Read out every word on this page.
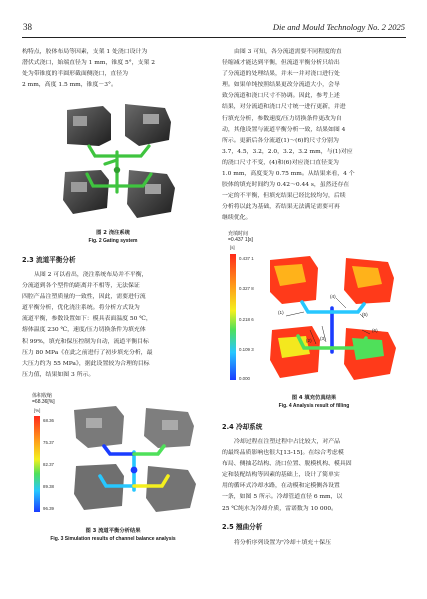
38	Die and Mould Technology No. 2 2025

构特点，胶体布局等因素，支架 1 处浇口设计为

潜伏式浇口，始端直径为 1 mm，锥度 5°，支架 2

处为带锥度的半圆形截面侧浇口，直径为

2 mm，高度 1.5 mm，锥度－3°。

图 2 浇注系统
Fig. 2 Gating system
2.3 流道平衡分析

从图 2 可以看出，浇注系统布局并不平衡，

分流道到各个型件的距离并不相等，无法保证

四腔产品注塑质量的一致性，因此，需要进行流

道平衡分析，优化浇注系统。将分析方式设为

流道平衡，参数设置如下：模具表面温度 50 ℃，

熔体温度 230 ℃，速度/压力切换条件为填充体

积 99%，填充和保压控制为自动，流道平衡目标

压力 80 MPa《在此之前进行了初步填充分析，最

大压力约为 55 MPa》，据此设置较为合理的目标

压力值，结果如图 3 所示。

体积收缩
=68.36[%]
[%]
68.36
75.37
82.37
89.38
96.39
图 3 流道平衡分析结果
Fig. 3 Simulation results of channel balance analysis

由图 3 可知，各分流道需要不同程度的直

径缩减才能达到平衡，但流道平衡分析只给出

了分流道的处理结果，并未一并对浇口进行处

理。如果单纯按照结果更改分流道大小，会导

致分流道和浇口尺寸不协调。因此，参考上述

结果，对分流道和浇口尺寸统一进行更新，并进

行填充分析，参数速度/压力切换条件更改为自

动，其他设置与流道平衡分析一致，结果如图 4

所示。更新后各分流道(1)～(6)的尺寸分别为

3.7，4.5，3.2，2.0，3.2，3.2 mm，与(1)对应

的浇口尺寸不变，(4)和(6)对应浇口直径变为

1.0 mm，高度变为 0.75 mm。从结果来看，4 个

胶体的填充时间约为 0.42～0.44 s，虽然还存在

一定的不平衡，但填充结果已经比较均匀，后续

分析将以此为基础，若结果无法满足需要可再

继续优化。

充填时间
=0.437 1[s]
[s]
0.437 1
0.327 8
0.218 6
0.109 3
0.000
(1)
(2) (3)
(4)
(5)
(6)
图 4 填充仿真结果
Fig. 4 Analysis result of filling
2.4 冷却系统

冷却过程在注塑过程中占比较大，对产品

的最终品质影响也很大[13-15]。在综合考虑模

布局、侧抽芯结构、浇口位置、脱模机构、模具固

定和装配结构等因素的基础上，设计了简单实

用的循环式冷却水路，在动模和定模侧各设置

一条，如图 5 所示。冷却管道直径 6 mm，以

25 ℃纯水为冷却介质，雷诺数为 10 000。

2.5 翘曲分析

将分析序列设置为"冷却＋填充＋保压
